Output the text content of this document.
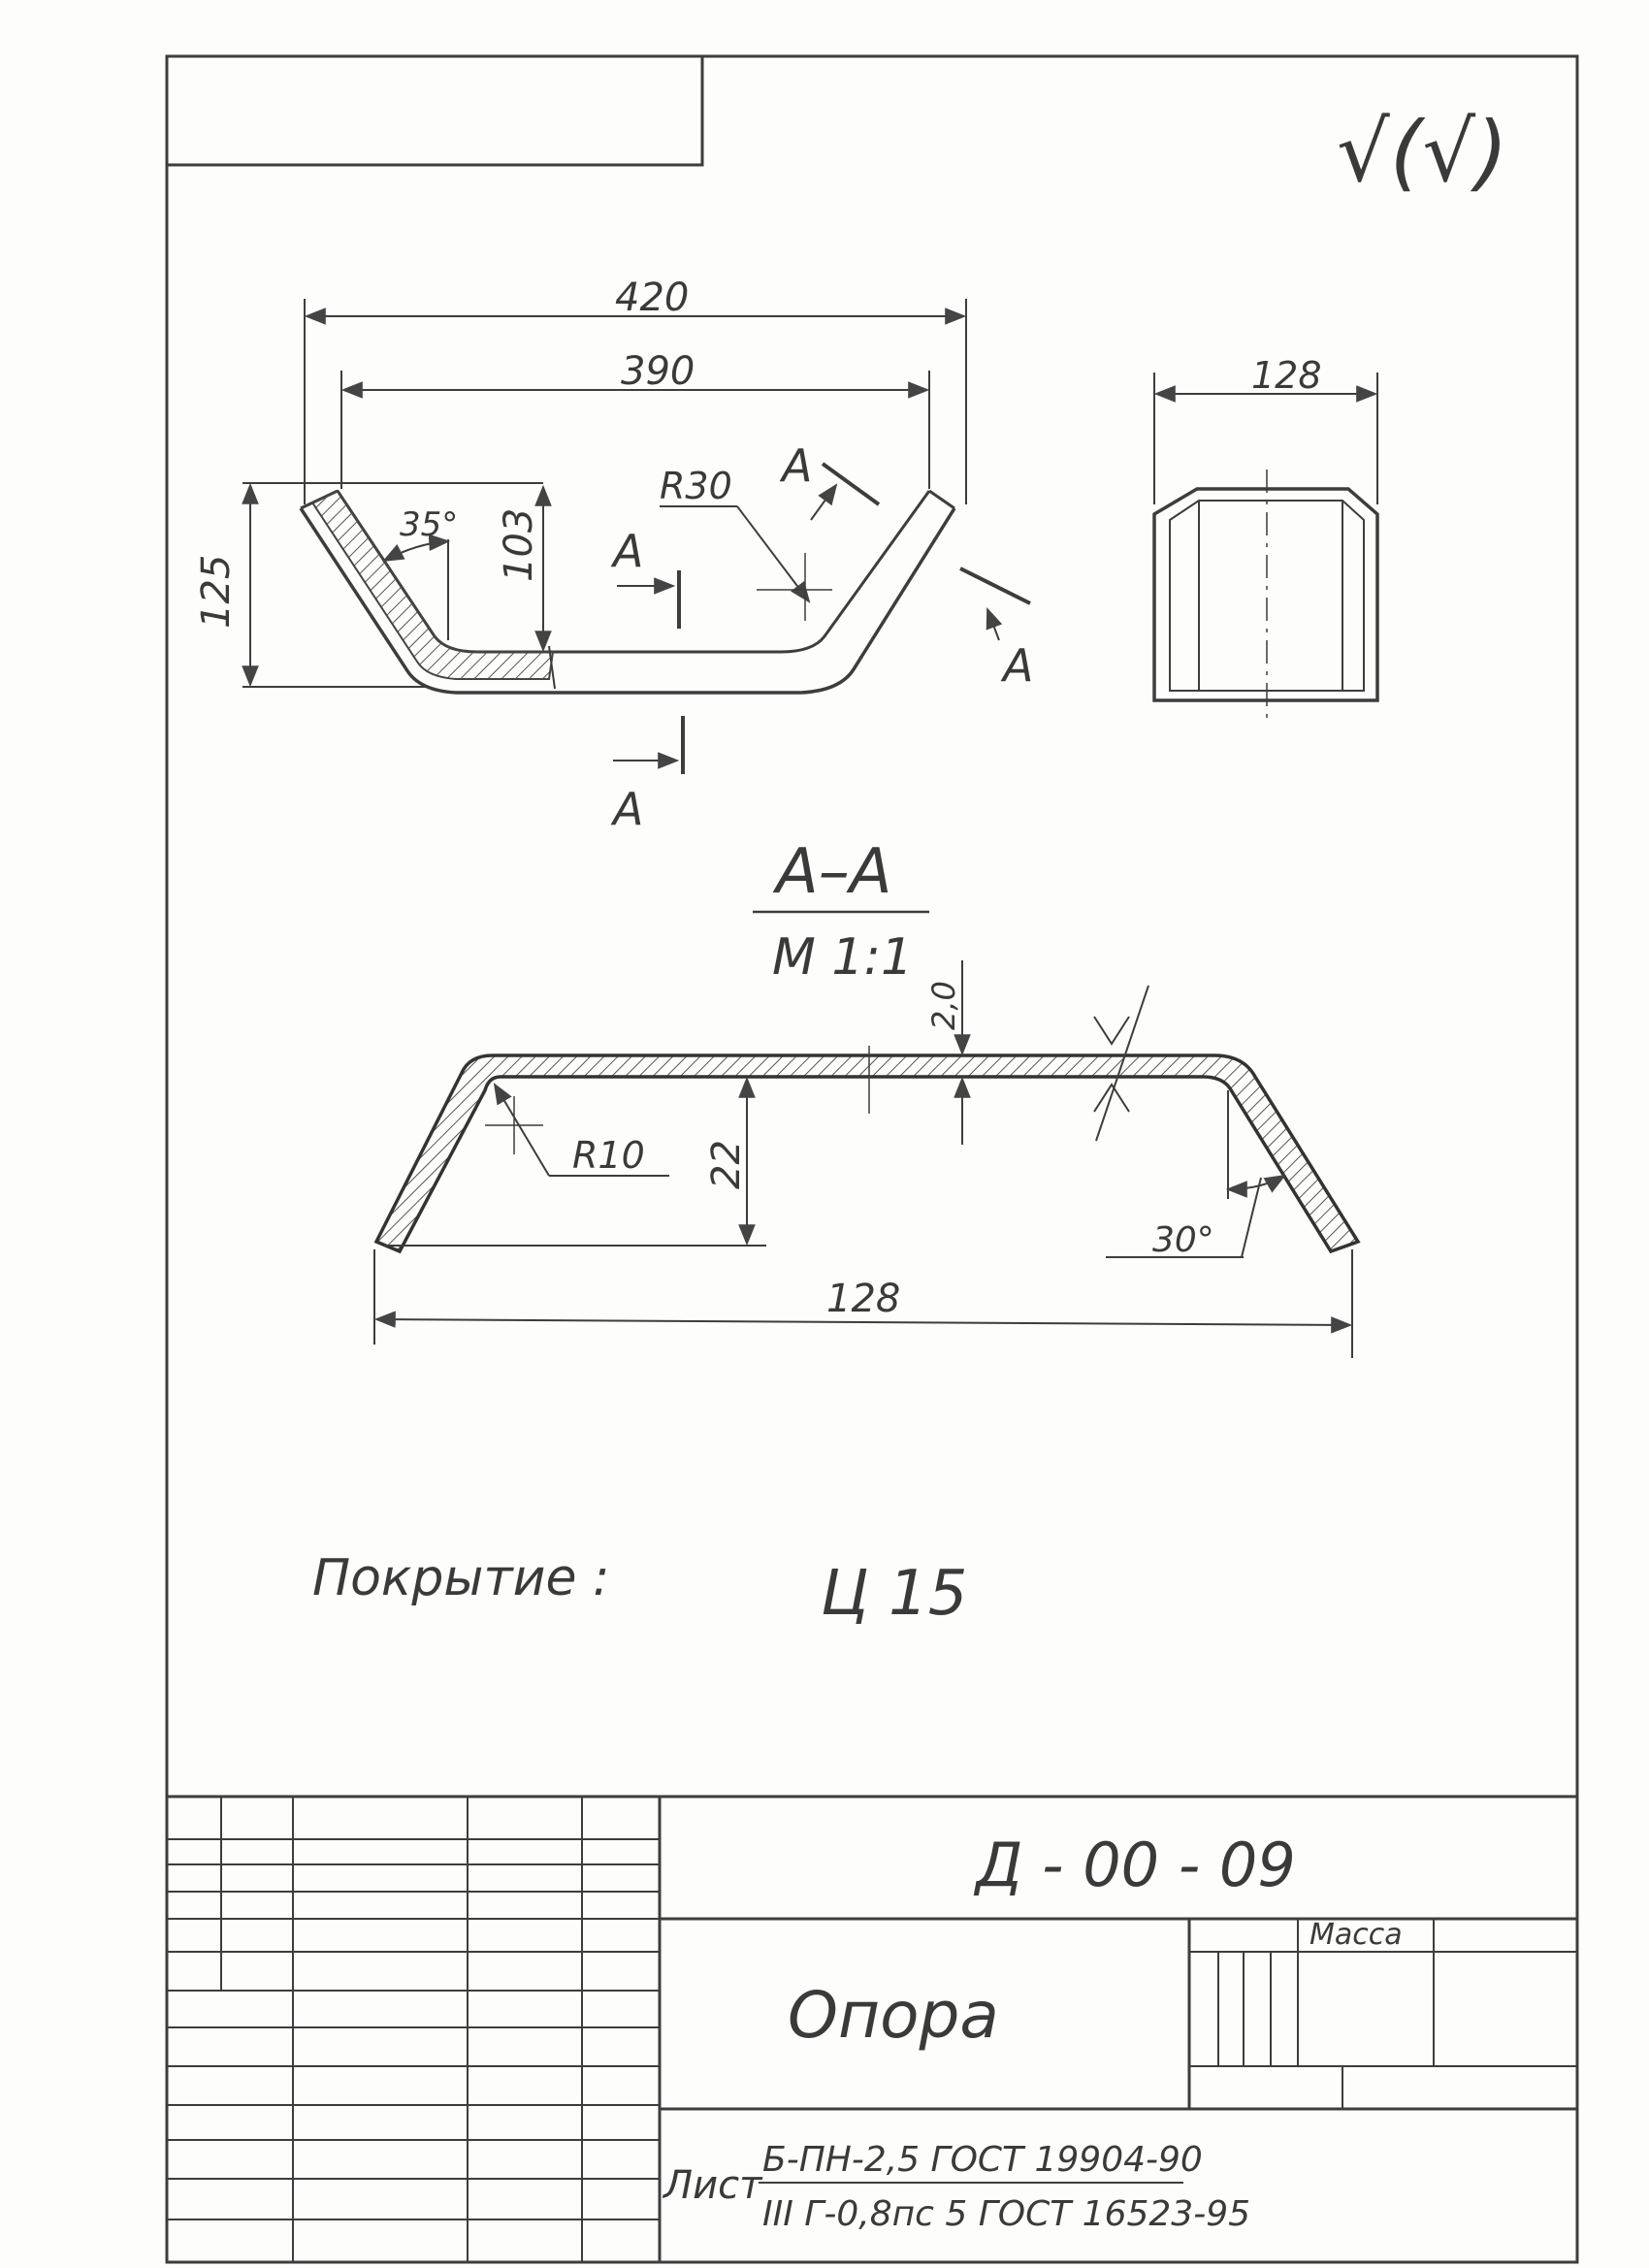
√(√)
420
390
125
103
35°
R30
A
A
A
A
128
А–А
М 1:1
2,0
22
R10
30°
128
Покрытие :	Ц 15
Д - 00 - 09
Опора
Масса
Лист
Б-ПН-2,5 ГОСТ 19904-90
III Г-0,8пс 5 ГОСТ 16523-95
